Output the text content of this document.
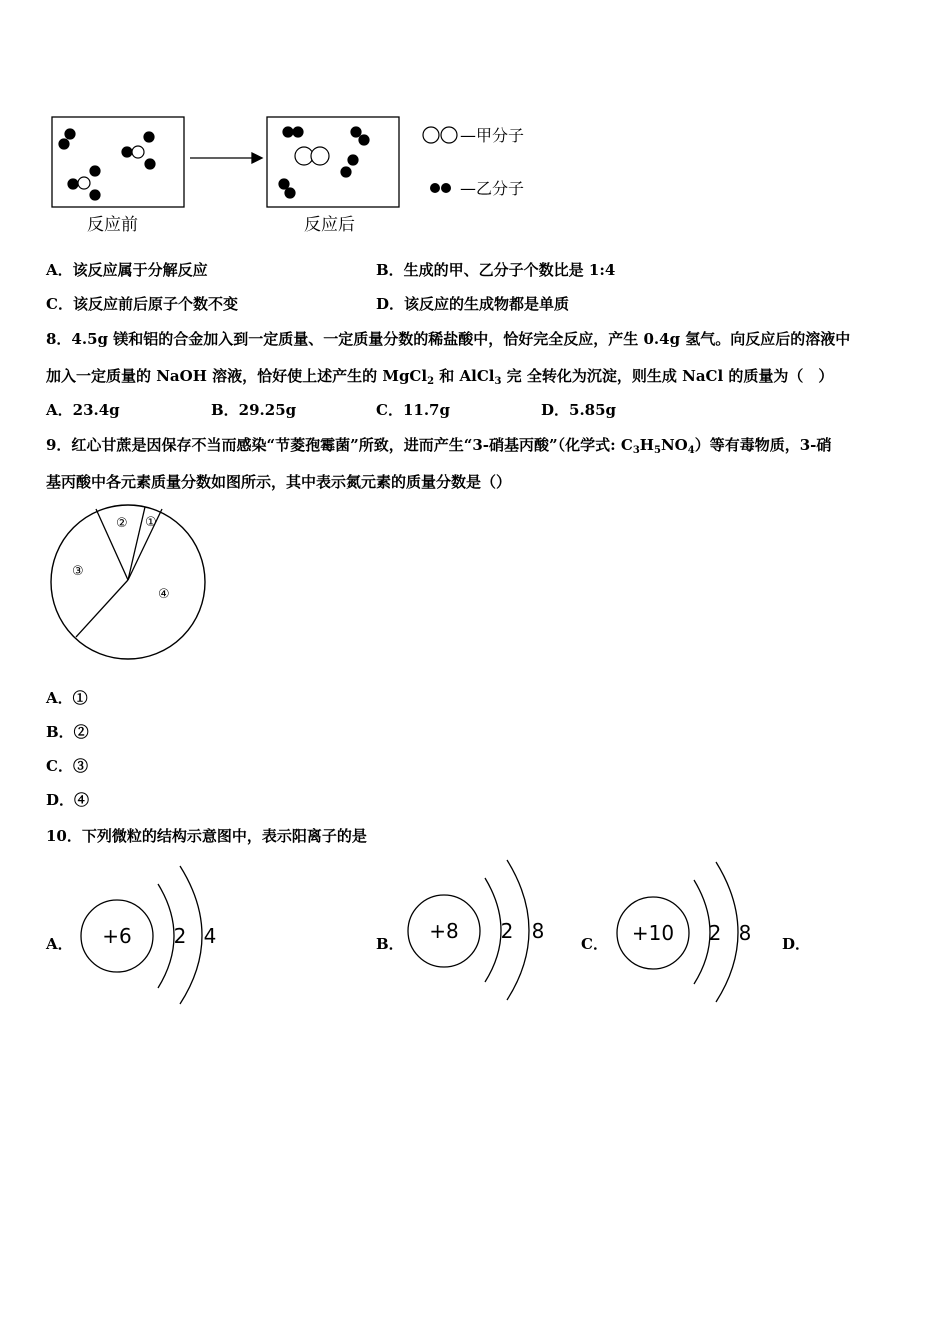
反应前	反应后
—甲分子
—乙分子
A．该反应属于分解反应	B．生成的甲、乙分子个数比是 1:4
C．该反应前后原子个数不变	D．该反应的生成物都是单质
8．4.5g 镁和铝的合金加入到一定质量、一定质量分数的稀盐酸中，恰好完全反应，产生 0.4g 氢气。向反应后的溶液中
加入一定质量的 NaOH 溶液，恰好使上述产生的 MgCl$_2$ 和 AlCl$_3$ 完 全转化为沉淀，则生成 NaCl 的质量为（　）
A．23.4g	B．29.25g	C．11.7g	D．5.85g
9．红心甘蔗是因保存不当而感染“节菱孢霉菌”所致，进而产生“3-硝基丙酸”（化学式: $C_3H_5NO_4$）等有毒物质，3-硝
基丙酸中各元素质量分数如图所示，其中表示氮元素的质量分数是（）
①
②
③
④
A．①
B．②
C．③
D．④
10．下列微粒的结构示意图中，表示阳离子的是
A． +6 2 4	B．
+8 2 8
C． +10 2 8 D．
